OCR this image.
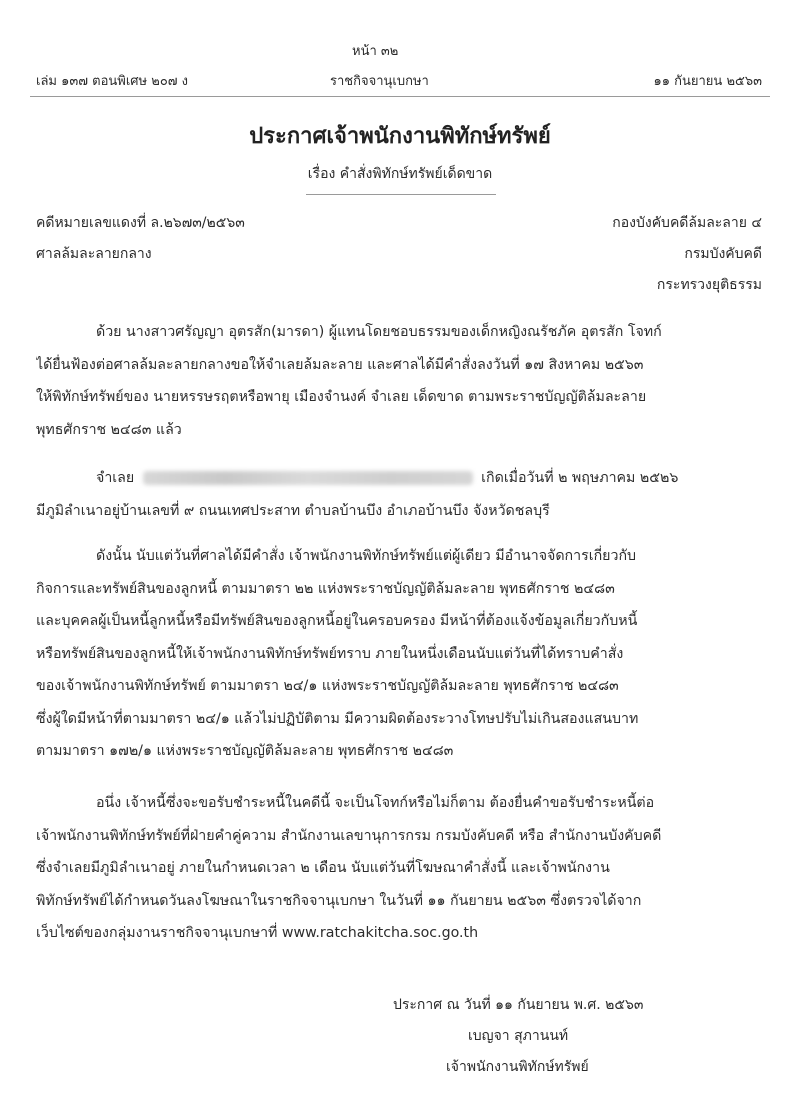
หน้า ๓๒
เล่ม ๑๓๗ ตอนพิเศษ ๒๐๗ ง	ราชกิจจานุเบกษา	๑๑ กันยายน ๒๕๖๓
ประกาศเจ้าพนักงานพิทักษ์ทรัพย์
เรื่อง คำสั่งพิทักษ์ทรัพย์เด็ดขาด
คดีหมายเลขแดงที่ ล.๒๖๗๓/๒๕๖๓
ศาลล้มละลายกลาง
กองบังคับคดีล้มละลาย ๔
กรมบังคับคดี
กระทรวงยุติธรรม
ด้วย นางสาวศรัญญา อุตรสัก(มารดา) ผู้แทนโดยชอบธรรมของเด็กหญิงณรัชภัค อุตรสัก โจทก์
ได้ยื่นฟ้องต่อศาลล้มละลายกลางขอให้จำเลยล้มละลาย และศาลได้มีคำสั่งลงวันที่ ๑๗ สิงหาคม ๒๕๖๓
ให้พิทักษ์ทรัพย์ของ นายหรรษรฤตหรือพายุ เมืองจำนงค์ จำเลย เด็ดขาด ตามพระราชบัญญัติล้มละลาย
พุทธศักราช ๒๔๘๓ แล้ว
จำเลย	เกิดเมื่อวันที่ ๒ พฤษภาคม ๒๕๒๖
มีภูมิลำเนาอยู่บ้านเลขที่ ๙ ถนนเทศประสาท ตำบลบ้านบึง อำเภอบ้านบึง จังหวัดชลบุรี
ดังนั้น นับแต่วันที่ศาลได้มีคำสั่ง เจ้าพนักงานพิทักษ์ทรัพย์แต่ผู้เดียว มีอำนาจจัดการเกี่ยวกับ
กิจการและทรัพย์สินของลูกหนี้ ตามมาตรา ๒๒ แห่งพระราชบัญญัติล้มละลาย พุทธศักราช ๒๔๘๓
และบุคคลผู้เป็นหนี้ลูกหนี้หรือมีทรัพย์สินของลูกหนี้อยู่ในครอบครอง มีหน้าที่ต้องแจ้งข้อมูลเกี่ยวกับหนี้
หรือทรัพย์สินของลูกหนี้ให้เจ้าพนักงานพิทักษ์ทรัพย์ทราบ ภายในหนึ่งเดือนนับแต่วันที่ได้ทราบคำสั่ง
ของเจ้าพนักงานพิทักษ์ทรัพย์ ตามมาตรา ๒๔/๑ แห่งพระราชบัญญัติล้มละลาย พุทธศักราช ๒๔๘๓
ซึ่งผู้ใดมีหน้าที่ตามมาตรา ๒๔/๑ แล้วไม่ปฏิบัติตาม มีความผิดต้องระวางโทษปรับไม่เกินสองแสนบาท
ตามมาตรา ๑๗๒/๑ แห่งพระราชบัญญัติล้มละลาย พุทธศักราช ๒๔๘๓
อนึ่ง เจ้าหนี้ซึ่งจะขอรับชำระหนี้ในคดีนี้ จะเป็นโจทก์หรือไม่ก็ตาม ต้องยื่นคำขอรับชำระหนี้ต่อ
เจ้าพนักงานพิทักษ์ทรัพย์ที่ฝ่ายคำคู่ความ สำนักงานเลขานุการกรม กรมบังคับคดี หรือ สำนักงานบังคับคดี
ซึ่งจำเลยมีภูมิลำเนาอยู่ ภายในกำหนดเวลา ๒ เดือน นับแต่วันที่โฆษณาคำสั่งนี้ และเจ้าพนักงาน
พิทักษ์ทรัพย์ได้กำหนดวันลงโฆษณาในราชกิจจานุเบกษา ในวันที่ ๑๑ กันยายน ๒๕๖๓ ซึ่งตรวจได้จาก
เว็บไซต์ของกลุ่มงานราชกิจจานุเบกษาที่ www.ratchakitcha.soc.go.th
ประกาศ ณ วันที่ ๑๑ กันยายน พ.ศ. ๒๕๖๓
เบญจา สุภานนท์
เจ้าพนักงานพิทักษ์ทรัพย์
